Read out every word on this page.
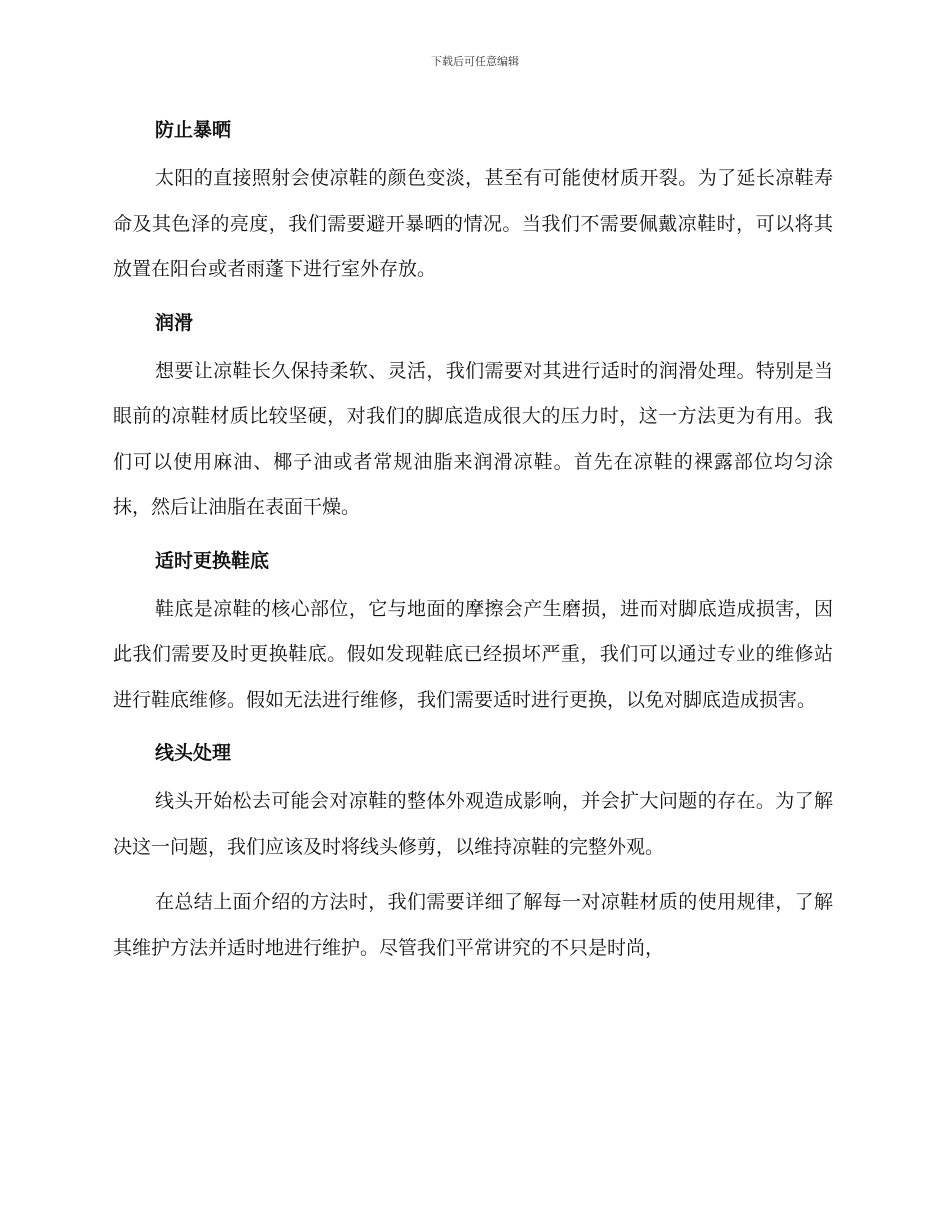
下载后可任意编辑
防止暴晒

太阳的直接照射会使凉鞋的颜色变淡，甚至有可能使材质开裂。为了延长凉鞋寿命及其色泽的亮度，我们需要避开暴晒的情况。当我们不需要佩戴凉鞋时，可以将其放置在阳台或者雨蓬下进行室外存放。

润滑

想要让凉鞋长久保持柔软、灵活，我们需要对其进行适时的润滑处理。特别是当眼前的凉鞋材质比较坚硬，对我们的脚底造成很大的压力时，这一方法更为有用。我们可以使用麻油、椰子油或者常规油脂来润滑凉鞋。首先在凉鞋的裸露部位均匀涂抹，然后让油脂在表面干燥。

适时更换鞋底

鞋底是凉鞋的核心部位，它与地面的摩擦会产生磨损，进而对脚底造成损害，因此我们需要及时更换鞋底。假如发现鞋底已经损坏严重，我们可以通过专业的维修站进行鞋底维修。假如无法进行维修，我们需要适时进行更换，以免对脚底造成损害。

线头处理

线头开始松去可能会对凉鞋的整体外观造成影响，并会扩大问题的存在。为了解决这一问题，我们应该及时将线头修剪，以维持凉鞋的完整外观。

在总结上面介绍的方法时，我们需要详细了解每一对凉鞋材质的使用规律，了解其维护方法并适时地进行维护。尽管我们平常讲究的不只是时尚，
